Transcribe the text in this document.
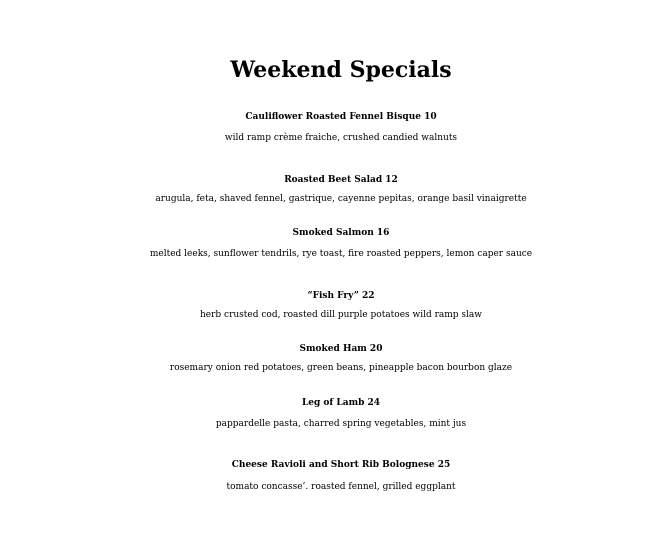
Weekend Specials
Cauliflower Roasted Fennel Bisque 10
wild ramp crème fraiche, crushed candied walnuts
Roasted Beet Salad 12
arugula, feta, shaved fennel, gastrique, cayenne pepitas, orange basil vinaigrette
Smoked Salmon 16
melted leeks, sunflower tendrils, rye toast, fire roasted peppers, lemon caper sauce
“Fish Fry” 22
herb crusted cod, roasted dill purple potatoes wild ramp slaw
Smoked Ham 20
rosemary onion red potatoes, green beans, pineapple bacon bourbon glaze
Leg of Lamb 24
pappardelle pasta, charred spring vegetables, mint jus
Cheese Ravioli and Short Rib Bolognese 25
tomato concasse’. roasted fennel, grilled eggplant
